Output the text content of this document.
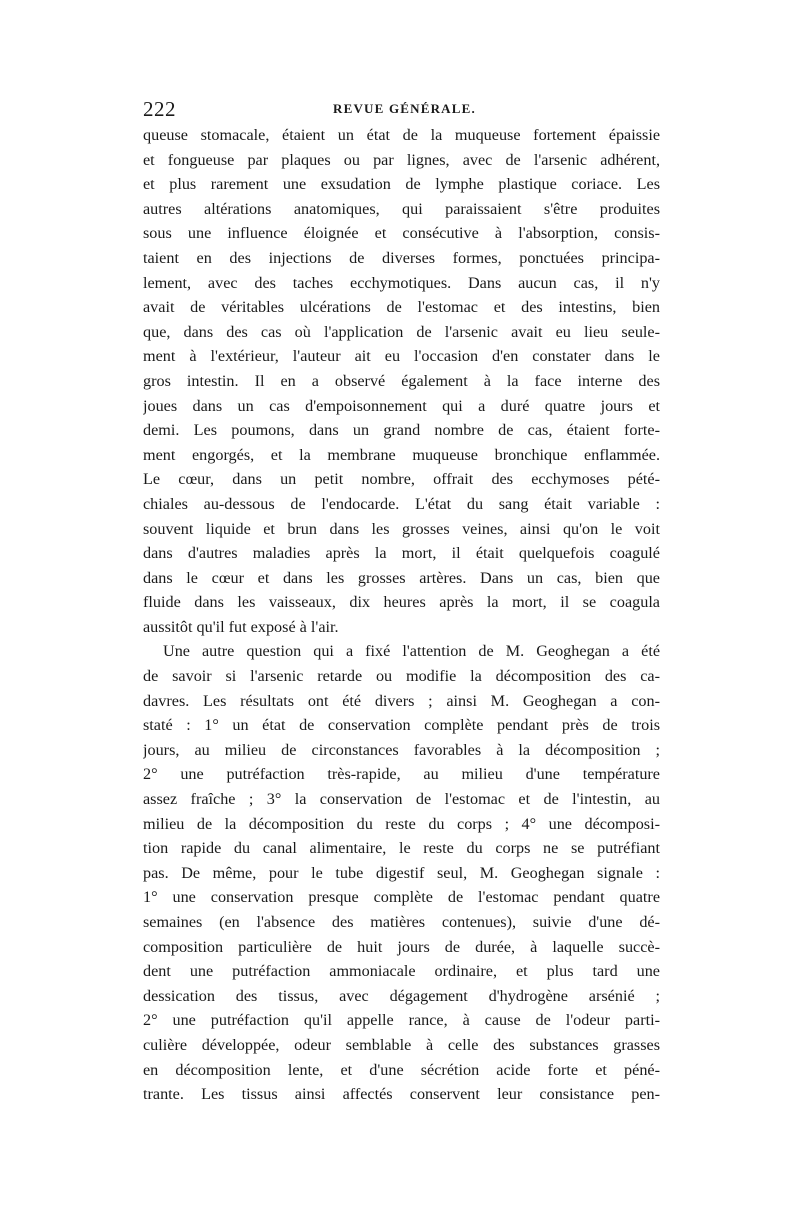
222	REVUE GÉNÉRALE.
queuse stomacale, étaient un état de la muqueuse fortement épaissie
et fongueuse par plaques ou par lignes, avec de l'arsenic adhérent,
et plus rarement une exsudation de lymphe plastique coriace. Les
autres altérations anatomiques, qui paraissaient s'être produites
sous une influence éloignée et consécutive à l'absorption, consis-
taient en des injections de diverses formes, ponctuées principa-
lement, avec des taches ecchymotiques. Dans aucun cas, il n'y
avait de véritables ulcérations de l'estomac et des intestins, bien
que, dans des cas où l'application de l'arsenic avait eu lieu seule-
ment à l'extérieur, l'auteur ait eu l'occasion d'en constater dans le
gros intestin. Il en a observé également à la face interne des
joues dans un cas d'empoisonnement qui a duré quatre jours et
demi. Les poumons, dans un grand nombre de cas, étaient forte-
ment engorgés, et la membrane muqueuse bronchique enflammée.
Le cœur, dans un petit nombre, offrait des ecchymoses pété-
chiales au-dessous de l'endocarde. L'état du sang était variable :
souvent liquide et brun dans les grosses veines, ainsi qu'on le voit
dans d'autres maladies après la mort, il était quelquefois coagulé
dans le cœur et dans les grosses artères. Dans un cas, bien que
fluide dans les vaisseaux, dix heures après la mort, il se coagula
aussitôt qu'il fut exposé à l'air.
Une autre question qui a fixé l'attention de M. Geoghegan a été
de savoir si l'arsenic retarde ou modifie la décomposition des ca-
davres. Les résultats ont été divers ; ainsi M. Geoghegan a con-
staté : 1° un état de conservation complète pendant près de trois
jours, au milieu de circonstances favorables à la décomposition ;
2° une putréfaction très-rapide, au milieu d'une température
assez fraîche ; 3° la conservation de l'estomac et de l'intestin, au
milieu de la décomposition du reste du corps ; 4° une décomposi-
tion rapide du canal alimentaire, le reste du corps ne se putréfiant
pas. De même, pour le tube digestif seul, M. Geoghegan signale :
1° une conservation presque complète de l'estomac pendant quatre
semaines (en l'absence des matières contenues), suivie d'une dé-
composition particulière de huit jours de durée, à laquelle succè-
dent une putréfaction ammoniacale ordinaire, et plus tard une
dessication des tissus, avec dégagement d'hydrogène arsénié ;
2° une putréfaction qu'il appelle rance, à cause de l'odeur parti-
culière développée, odeur semblable à celle des substances grasses
en décomposition lente, et d'une sécrétion acide forte et péné-
trante. Les tissus ainsi affectés conservent leur consistance pen-
